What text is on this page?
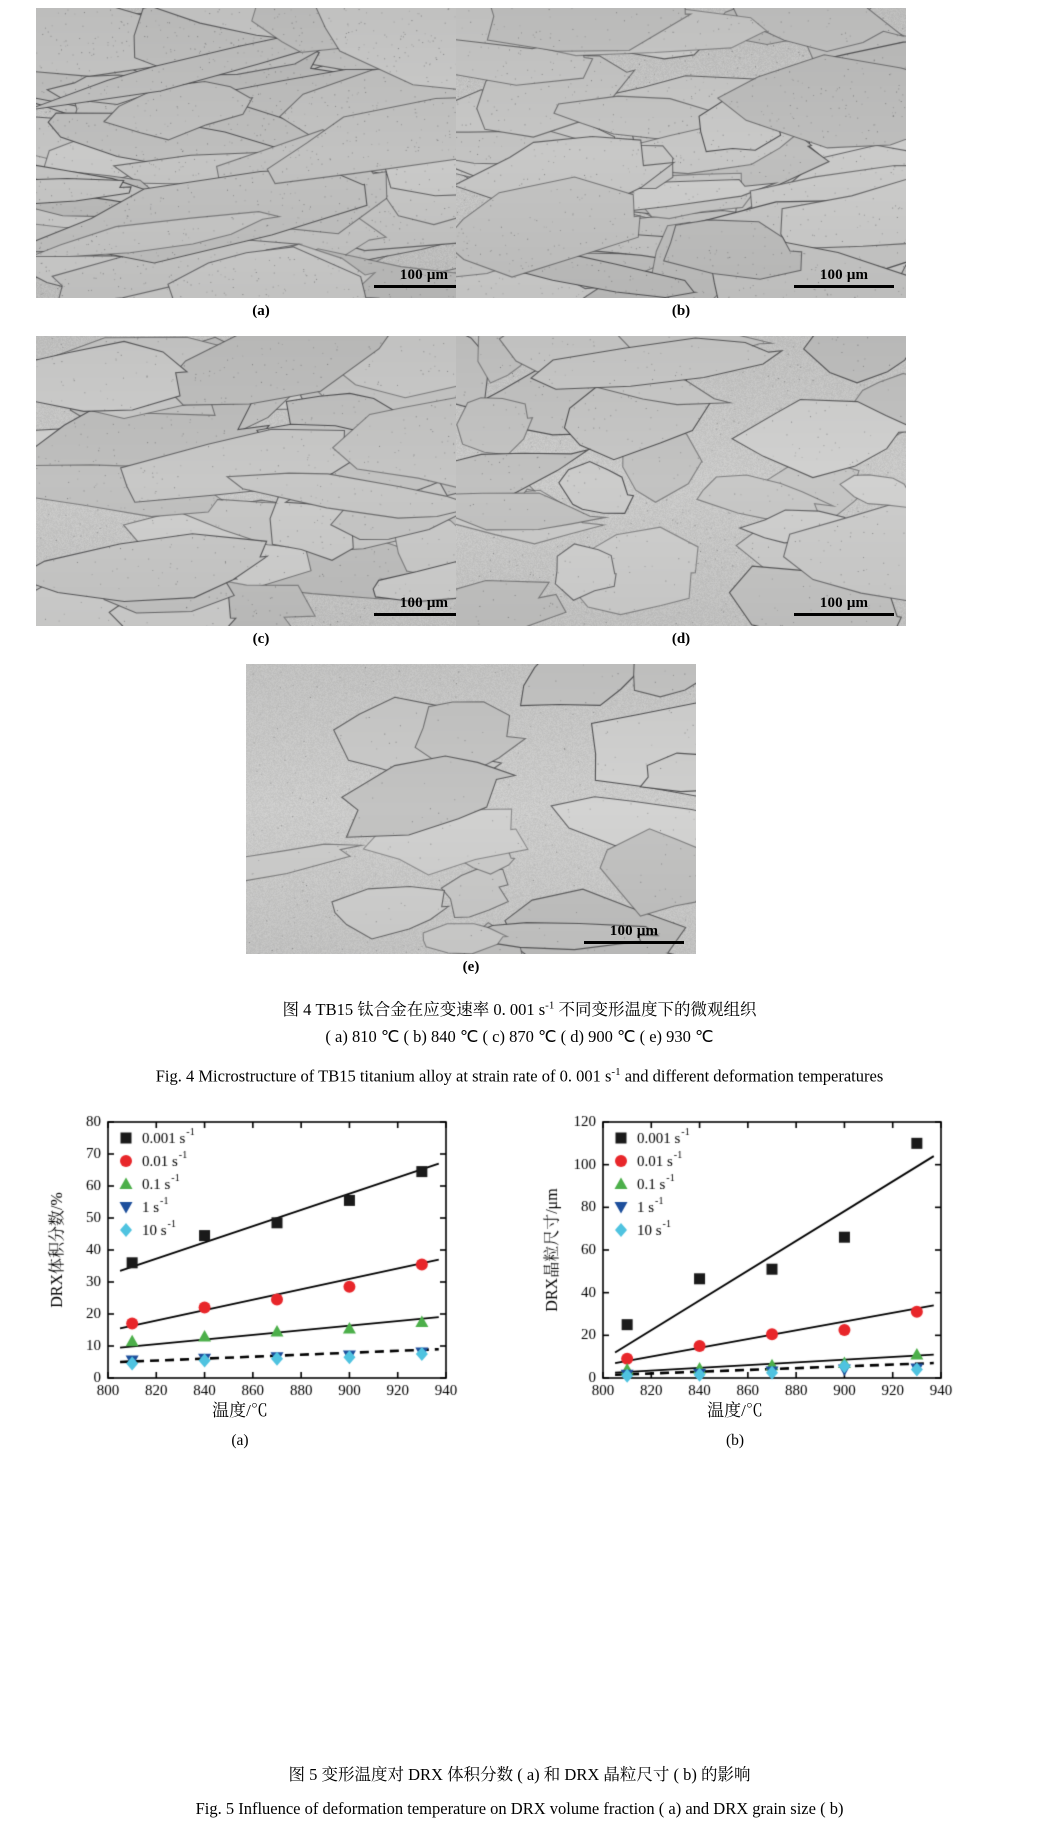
100 μm
(a)
100 μm
(b)
100 μm
(c)
100 μm
(d)
100 μm
(e)
图 4 TB15 钛合金在应变速率 0. 001 $s^{-1}$ 不同变形温度下的微观组织
( a) 810 ℃ ( b) 840 ℃ ( c) 870 ℃ ( d) 900 ℃ ( e) 930 ℃
Fig. 4 Microstructure of TB15 titanium alloy at strain rate of 0. 001 $s^{-1}$ and different deformation temperatures
温度/℃	温度/℃
(a)	(b)
图 5 变形温度对 DRX 体积分数 ( a) 和 DRX 晶粒尺寸 ( b) 的影响
Fig. 5 Influence of deformation temperature on DRX volume fraction ( a) and DRX grain size ( b)
